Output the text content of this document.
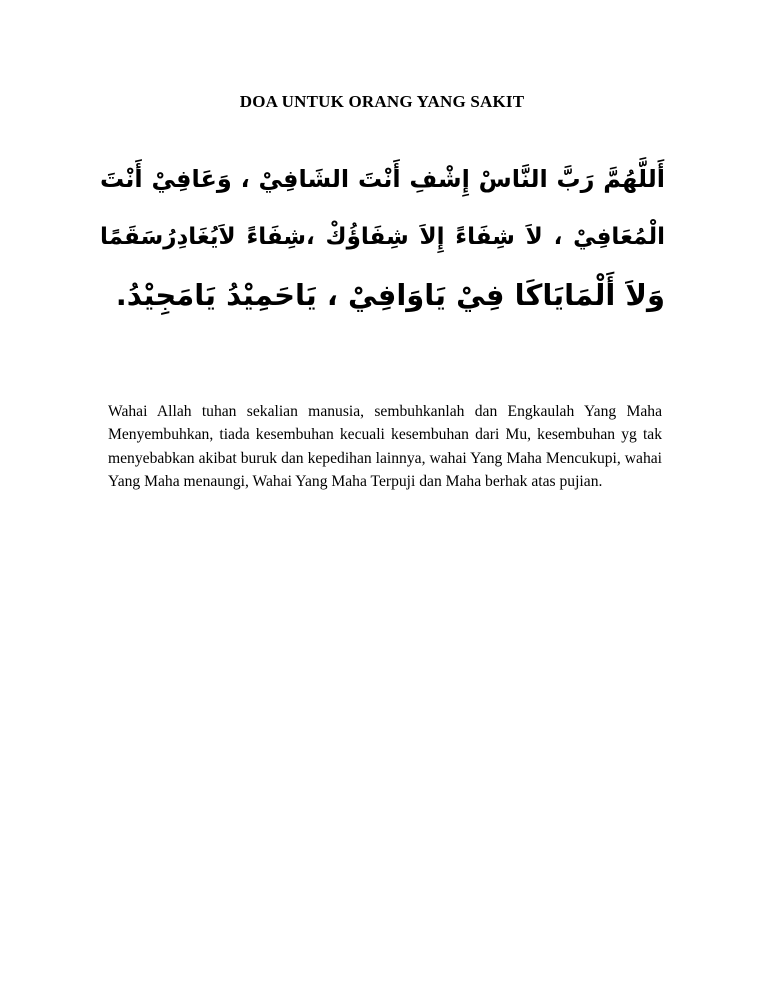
DOA UNTUK ORANG YANG SAKIT
أَللَّهُمَّ رَبَّ النَّاسْ إِشْفِ أَنْتَ الشَافِيْ ، وَعَافِيْ أَنْتَ
الْمُعَافِيْ ، لاَ شِفَاءً إِلاَ شِفَاؤُكْ ،شِفَاءً لاَيُغَادِرُسَقَمًا
وَلاَ أَلْمَايَاكَا فِيْ يَاوَافِيْ ، يَاحَمِيْدُ يَامَجِيْدُ.
Wahai Allah tuhan sekalian manusia, sembuhkanlah dan Engkaulah Yang Maha Menyembuhkan, tiada kesembuhan kecuali kesembuhan dari Mu, kesembuhan yg tak menyebabkan akibat buruk dan kepedihan lainnya, wahai Yang Maha Mencukupi, wahai Yang Maha menaungi, Wahai Yang Maha Terpuji dan Maha berhak atas pujian.
